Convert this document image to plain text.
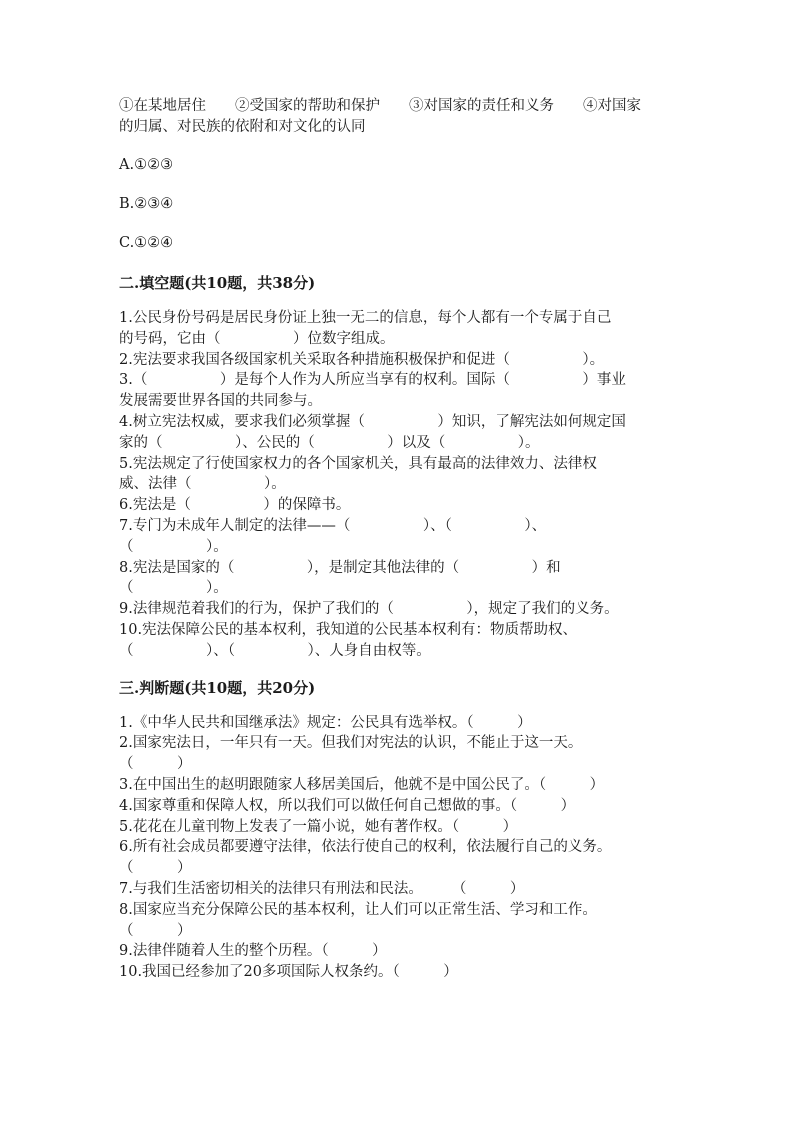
①在某地居住　　②受国家的帮助和保护　　③对国家的责任和义务　　④对国家
的归属、对民族的依附和对文化的认同
A.①②③
B.②③④
C.①②④
二.填空题(共10题，共38分)
1.公民身份号码是居民身份证上独一无二的信息，每个人都有一个专属于自己
的号码，它由（　　　　　）位数字组成。
2.宪法要求我国各级国家机关采取各种措施积极保护和促进（　　　　　）。
3.（　　　　　）是每个人作为人所应当享有的权利。国际（　　　　　）事业
发展需要世界各国的共同参与。
4.树立宪法权威，要求我们必须掌握（　　　　　）知识，了解宪法如何规定国
家的（　　　　　）、公民的（　　　　　）以及（　　　　　）。
5.宪法规定了行使国家权力的各个国家机关，具有最高的法律效力、法律权
威、法律（　　　　　）。
6.宪法是（　　　　　）的保障书。
7.专门为未成年人制定的法律——（　　　　　）、（　　　　　）、
（　　　　　）。
8.宪法是国家的（　　　　　），是制定其他法律的（　　　　　）和
（　　　　　）。
9.法律规范着我们的行为，保护了我们的（　　　　　），规定了我们的义务。
10.宪法保障公民的基本权利，我知道的公民基本权利有：物质帮助权、
（　　　　　）、（　　　　　）、人身自由权等。
三.判断题(共10题，共20分)
1.《中华人民共和国继承法》规定：公民具有选举权。（　　　）
2.国家宪法日，一年只有一天。但我们对宪法的认识，不能止于这一天。
（　　　）
3.在中国出生的赵明跟随家人移居美国后，他就不是中国公民了。（　　　）
4.国家尊重和保障人权，所以我们可以做任何自己想做的事。（　　　）
5.花花在儿童刊物上发表了一篇小说，她有著作权。（　　　）
6.所有社会成员都要遵守法律，依法行使自己的权利，依法履行自己的义务。
（　　　）
7.与我们生活密切相关的法律只有刑法和民法。　　　（　　　）
8.国家应当充分保障公民的基本权利，让人们可以正常生活、学习和工作。
（　　　）
9.法律伴随着人生的整个历程。（　　　）
10.我国已经参加了20多项国际人权条约。（　　　）
